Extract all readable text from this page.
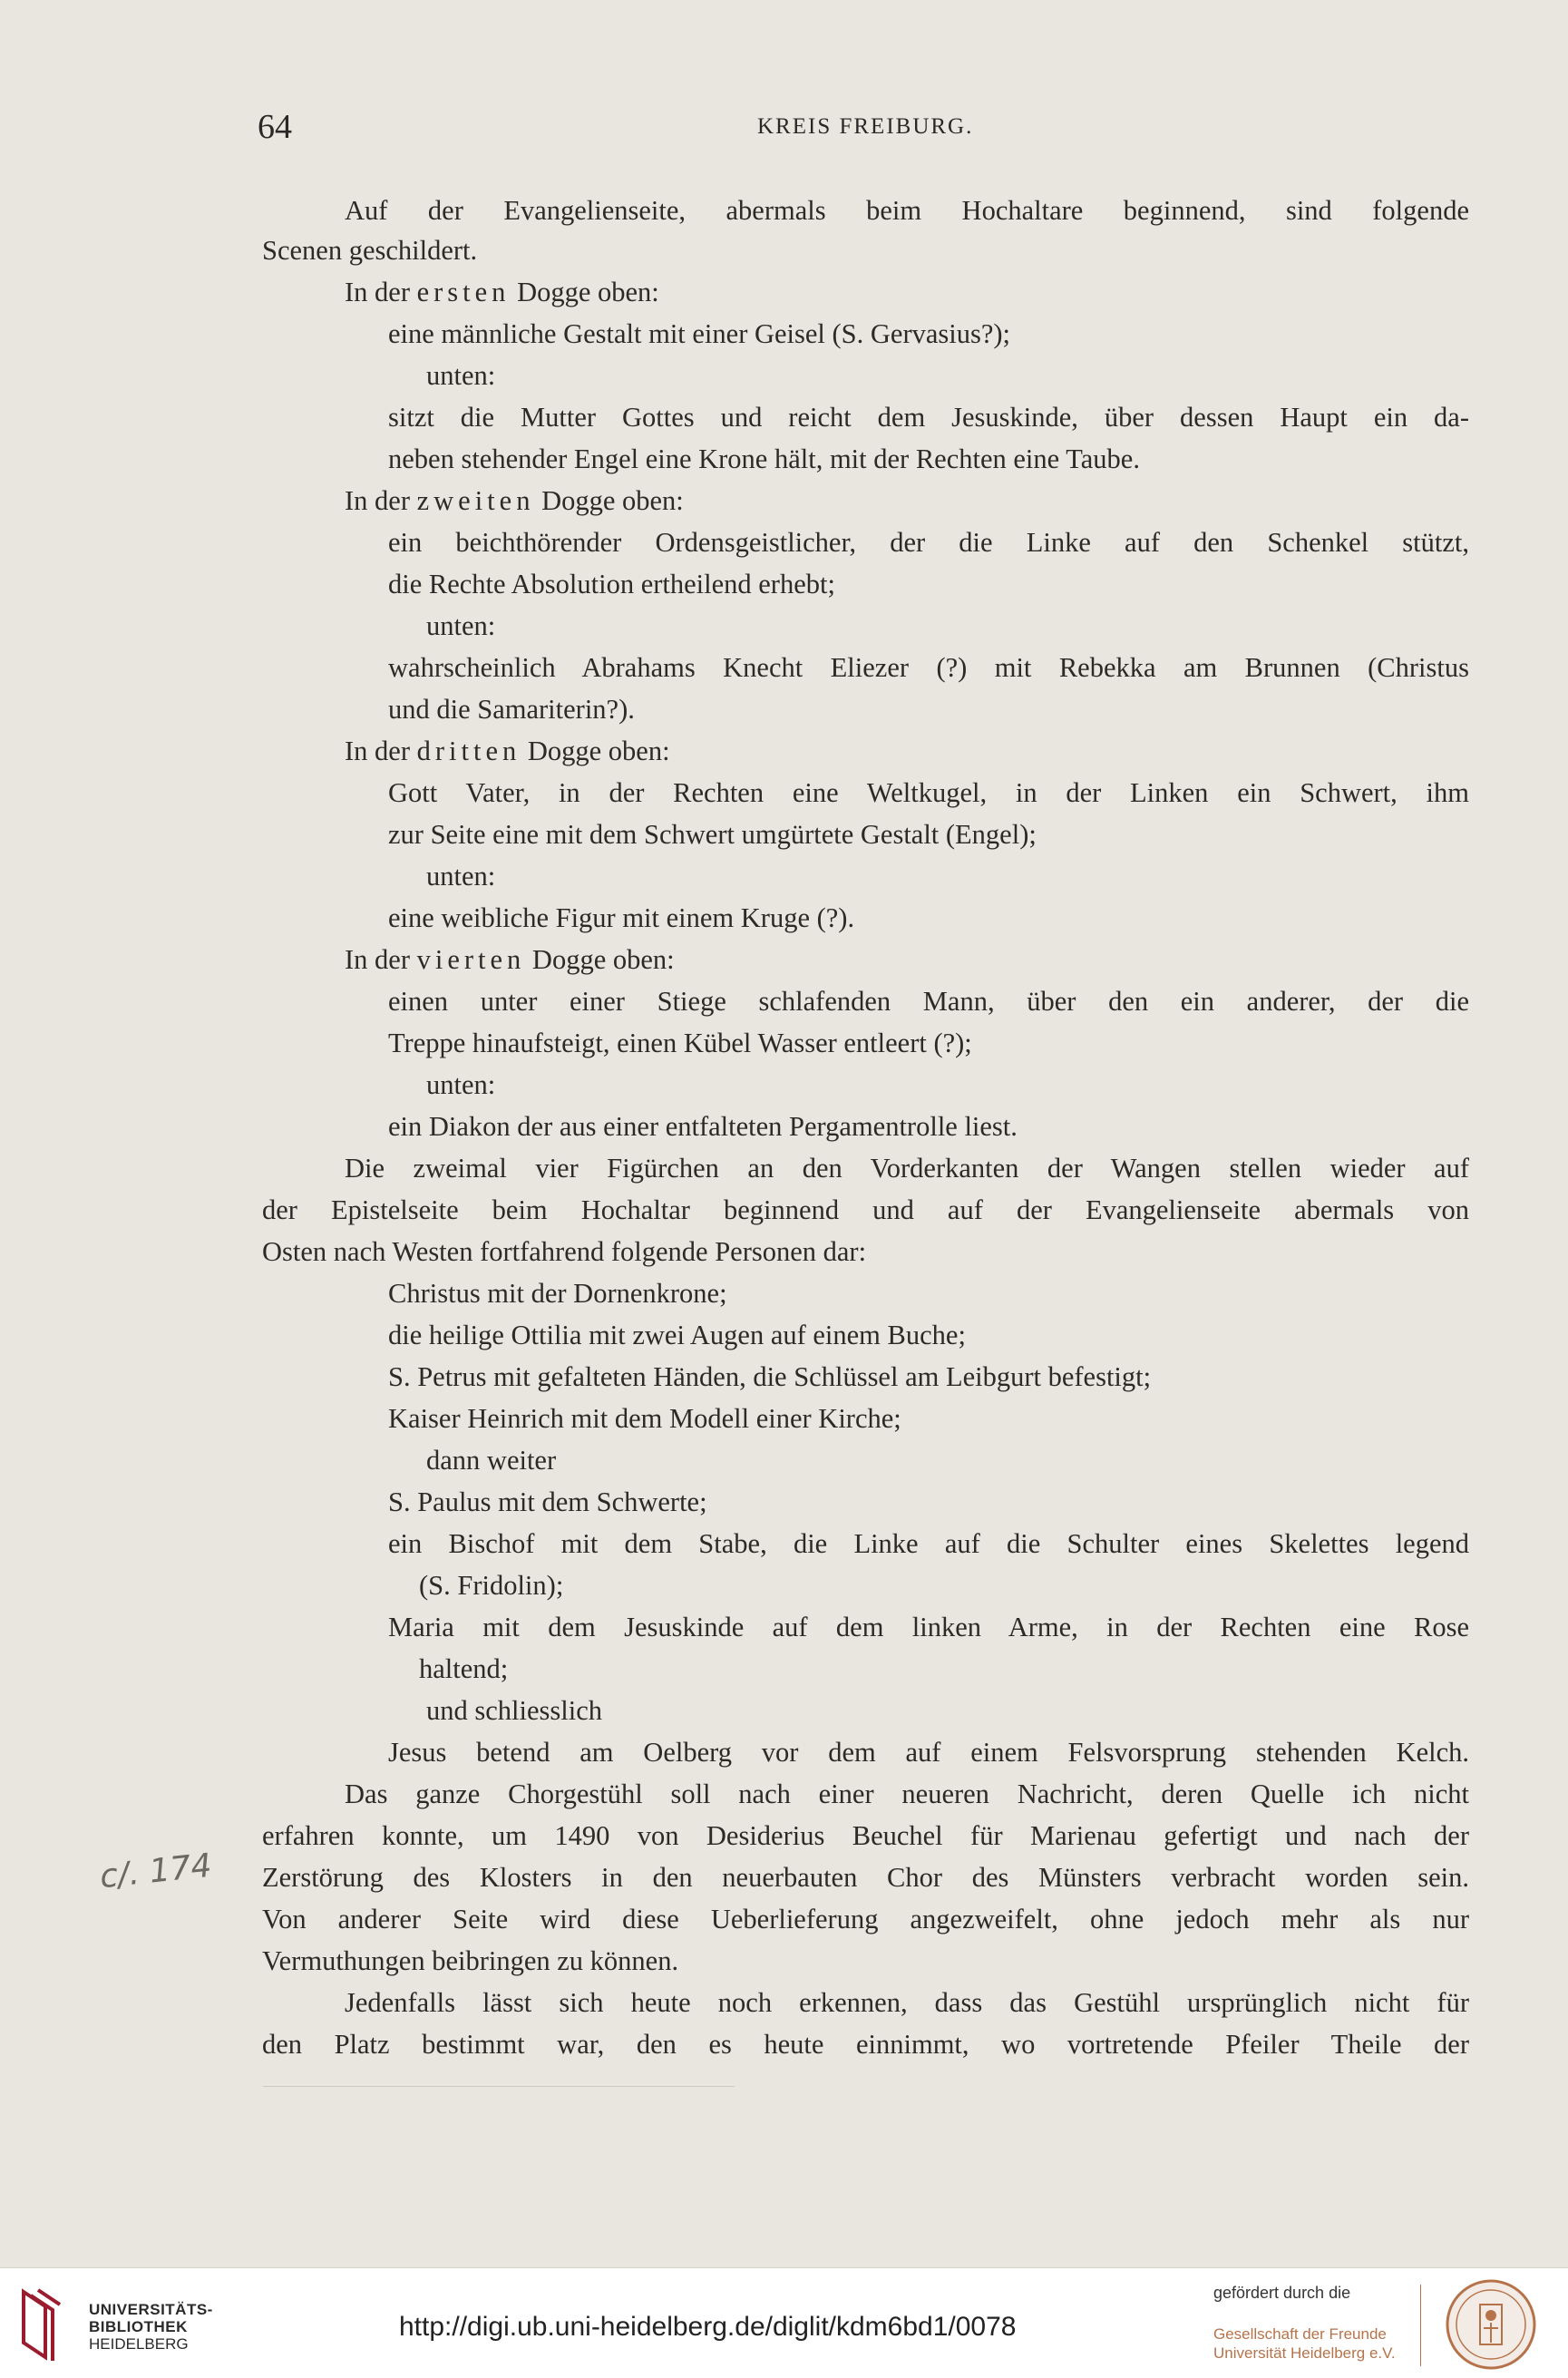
64	KREIS FREIBURG.
Auf der Evangelienseite, abermals beim Hochaltare beginnend, sind folgende
Scenen geschildert.
In der ersten Dogge oben:
eine männliche Gestalt mit einer Geisel (S. Gervasius?);
unten:
sitzt die Mutter Gottes und reicht dem Jesuskinde, über dessen Haupt ein da-
neben stehender Engel eine Krone hält, mit der Rechten eine Taube.
In der zweiten Dogge oben:
ein beichthörender Ordensgeistlicher, der die Linke auf den Schenkel stützt,
die Rechte Absolution ertheilend erhebt;
unten:
wahrscheinlich Abrahams Knecht Eliezer (?) mit Rebekka am Brunnen (Christus
und die Samariterin?).
In der dritten Dogge oben:
Gott Vater, in der Rechten eine Weltkugel, in der Linken ein Schwert, ihm
zur Seite eine mit dem Schwert umgürtete Gestalt (Engel);
unten:
eine weibliche Figur mit einem Kruge (?).
In der vierten Dogge oben:
einen unter einer Stiege schlafenden Mann, über den ein anderer, der die
Treppe hinaufsteigt, einen Kübel Wasser entleert (?);
unten:
ein Diakon der aus einer entfalteten Pergamentrolle liest.
Die zweimal vier Figürchen an den Vorderkanten der Wangen stellen wieder auf
der Epistelseite beim Hochaltar beginnend und auf der Evangelienseite abermals von
Osten nach Westen fortfahrend folgende Personen dar:
Christus mit der Dornenkrone;
die heilige Ottilia mit zwei Augen auf einem Buche;
S. Petrus mit gefalteten Händen, die Schlüssel am Leibgurt befestigt;
Kaiser Heinrich mit dem Modell einer Kirche;
dann weiter
S. Paulus mit dem Schwerte;
ein Bischof mit dem Stabe, die Linke auf die Schulter eines Skelettes legend
(S. Fridolin);
Maria mit dem Jesuskinde auf dem linken Arme, in der Rechten eine Rose
haltend;
und schliesslich
Jesus betend am Oelberg vor dem auf einem Felsvorsprung stehenden Kelch.
Das ganze Chorgestühl soll nach einer neueren Nachricht, deren Quelle ich nicht
erfahren konnte, um 1490 von Desiderius Beuchel für Marienau gefertigt und nach der
Zerstörung des Klosters in den neuerbauten Chor des Münsters verbracht worden sein.
Von anderer Seite wird diese Ueberlieferung angezweifelt, ohne jedoch mehr als nur
Vermuthungen beibringen zu können.
Jedenfalls lässt sich heute noch erkennen, dass das Gestühl ursprünglich nicht für
den Platz bestimmt war, den es heute einnimmt, wo vortretende Pfeiler Theile der
c/. 174
UNIVERSITÄTS-
BIBLIOTHEK
HEIDELBERG
http://digi.ub.uni-heidelberg.de/diglit/kdm6bd1/0078
gefördert durch die
Gesellschaft der Freunde
Universität Heidelberg e.V.
